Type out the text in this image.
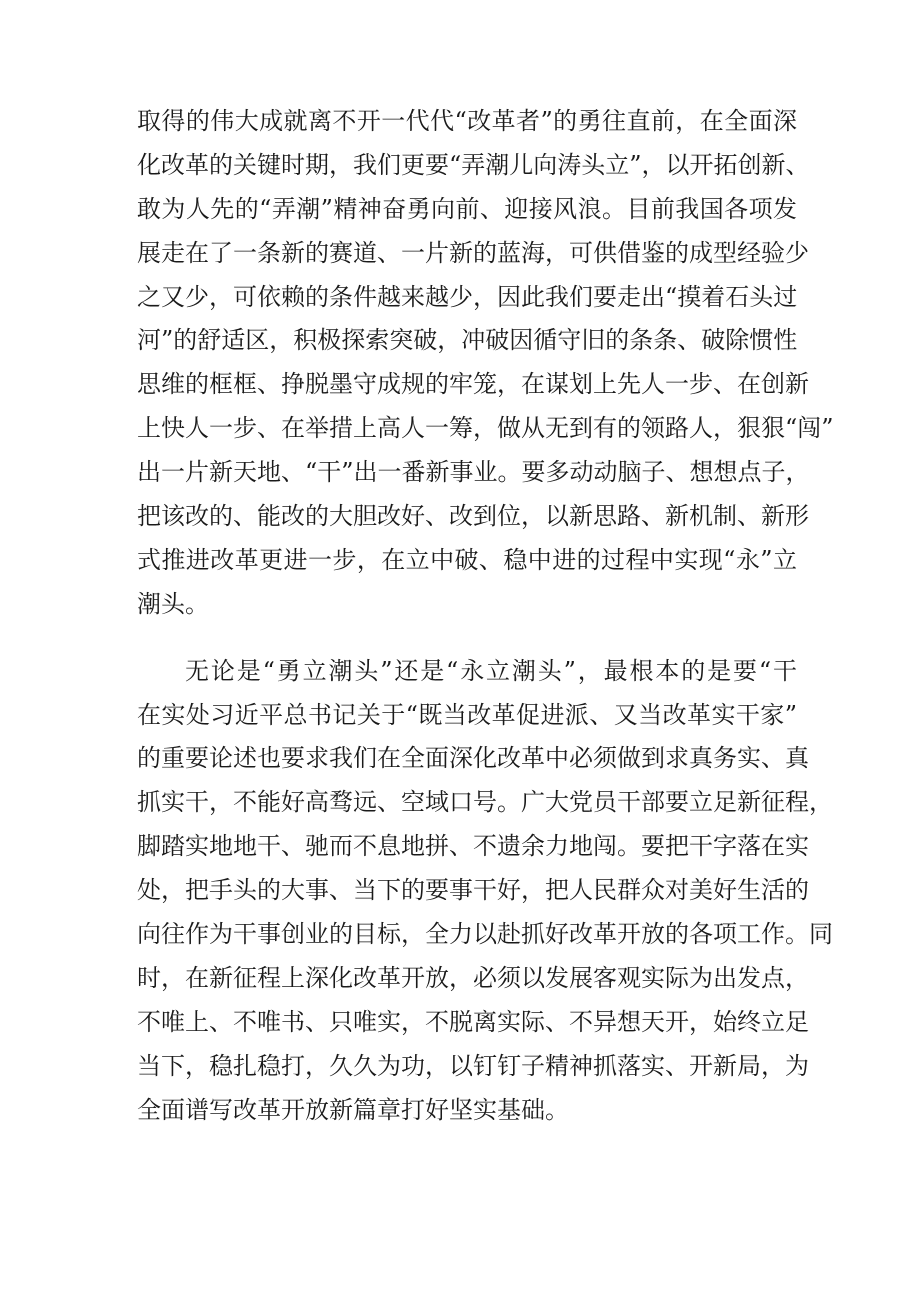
取得的伟大成就离不开一代代“改革者”的勇往直前，在全面深
化改革的关键时期，我们更要“弄潮儿向涛头立”，以开拓创新、
敢为人先的“弄潮”精神奋勇向前、迎接风浪。目前我国各项发
展走在了一条新的赛道、一片新的蓝海，可供借鉴的成型经验少
之又少，可依赖的条件越来越少，因此我们要走出“摸着石头过
河”的舒适区，积极探索突破，冲破因循守旧的条条、破除惯性
思维的框框、挣脱墨守成规的牢笼，在谋划上先人一步、在创新
上快人一步、在举措上高人一筹，做从无到有的领路人，狠狠“闯”
出一片新天地、“干”出一番新事业。要多动动脑子、想想点子，
把该改的、能改的大胆改好、改到位，以新思路、新机制、新形
式推进改革更进一步，在立中破、稳中进的过程中实现“永”立
潮头。
无论是“勇立潮头”还是“永立潮头”，最根本的是要“干
在实处习近平总书记关于“既当改革促进派、又当改革实干家”
的重要论述也要求我们在全面深化改革中必须做到求真务实、真
抓实干，不能好高骛远、空域口号。广大党员干部要立足新征程，
脚踏实地地干、驰而不息地拼、不遗余力地闯。要把干字落在实
处，把手头的大事、当下的要事干好，把人民群众对美好生活的
向往作为干事创业的目标，全力以赴抓好改革开放的各项工作。同
时，在新征程上深化改革开放，必须以发展客观实际为出发点，
不唯上、不唯书、只唯实，不脱离实际、不异想天开，始终立足
当下，稳扎稳打，久久为功，以钉钉子精神抓落实、开新局，为
全面谱写改革开放新篇章打好坚实基础。
